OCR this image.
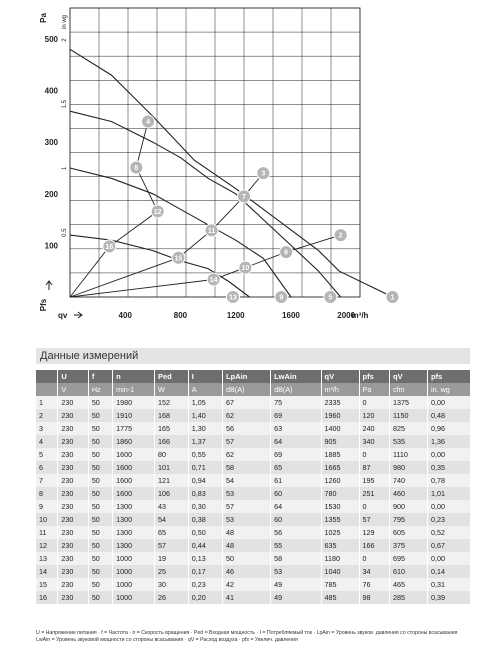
100
200
300
400
500
0.5
1
1.5
2
Pa in wg
Pfs
400	800	1200	1600	2000
qv	m³/h
1
2
3
4
5
6
7
8
9
10
11
12
13
14
15
16
Данные измерений
	U	f	n	Ped	I	LpAin	LwAin	qV	pfs	qV	pfs
	V	Hz	min-1	W	A	dB(A)	dB(A)	m³/h	Pa	cfm	in. wg
1	230	50	1980	152	1,05	67	75	2335	0	1375	0,00
2	230	50	1910	168	1,40	62	69	1960	120	1150	0,48
3	230	50	1775	165	1,30	56	63	1400	240	825	0,96
4	230	50	1860	166	1,37	57	64	905	340	535	1,36
5	230	50	1600	80	0,55	62	69	1885	0	1110	0,00
6	230	50	1600	101	0,71	58	65	1665	87	980	0,35
7	230	50	1600	121	0,94	54	61	1260	195	740	0,78
8	230	50	1600	106	0,83	53	60	780	251	460	1,01
9	230	50	1300	43	0,30	57	64	1530	0	900	0,00
10	230	50	1300	54	0,38	53	60	1355	57	795	0,23
11	230	50	1300	65	0,50	48	56	1025	129	605	0,52
12	230	50	1300	57	0,44	48	55	635	166	375	0,67
13	230	50	1000	19	0,13	50	58	1180	0	695	0,00
14	230	50	1000	25	0,17	46	53	1040	34	610	0,14
15	230	50	1000	30	0,23	42	49	785	76	465	0,31
16	230	50	1000	26	0,20	41	49	485	98	285	0,39
U = Напряжение питания · f = Частота · n = Скорость вращения · Ped = Входная мощность · I = Потребляемый ток · LpAin = Уровень звуков. давления со стороны всасывания
LwAin = Уровень звуковой мощности со стороны всасывания · qV = Расход воздуха · pfs = Увелич. давления
